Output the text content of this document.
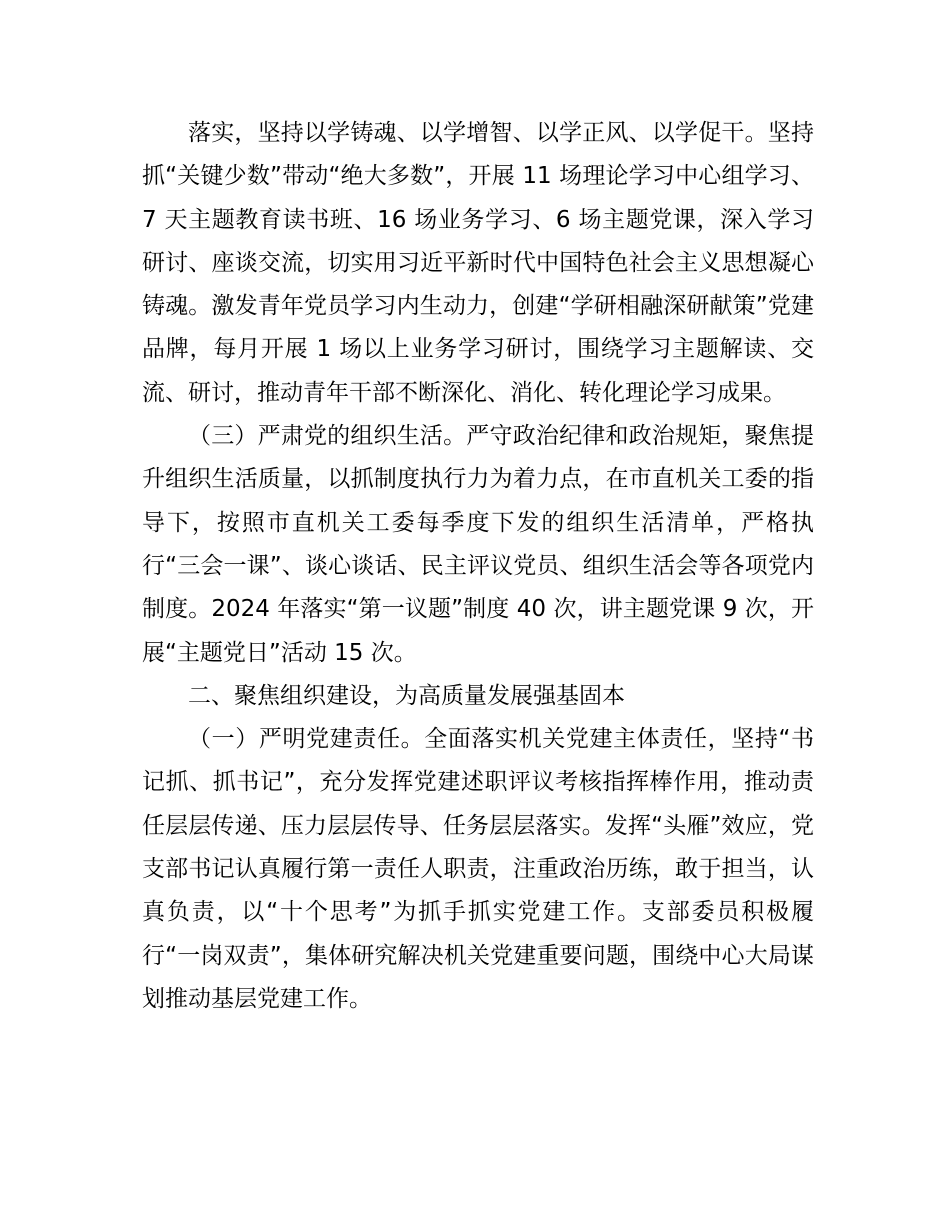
落实，坚持以学铸魂、以学增智、以学正风、以学促干。坚持抓“关键少数”带动“绝大多数”，开展 11 场理论学习中心组学习、7 天主题教育读书班、16 场业务学习、6 场主题党课，深入学习研讨、座谈交流，切实用习近平新时代中国特色社会主义思想凝心铸魂。激发青年党员学习内生动力，创建“学研相融深研献策”党建品牌，每月开展 1 场以上业务学习研讨，围绕学习主题解读、交流、研讨，推动青年干部不断深化、消化、转化理论学习成果。

（三）严肃党的组织生活。严守政治纪律和政治规矩，聚焦提升组织生活质量，以抓制度执行力为着力点，在市直机关工委的指导下，按照市直机关工委每季度下发的组织生活清单，严格执行“三会一课”、谈心谈话、民主评议党员、组织生活会等各项党内制度。2024 年落实“第一议题”制度 40 次，讲主题党课 9 次，开展“主题党日”活动 15 次。

二、聚焦组织建设，为高质量发展强基固本

（一）严明党建责任。全面落实机关党建主体责任，坚持“书记抓、抓书记”，充分发挥党建述职评议考核指挥棒作用，推动责任层层传递、压力层层传导、任务层层落实。发挥“头雁”效应，党支部书记认真履行第一责任人职责，注重政治历练，敢于担当，认真负责，以“十个思考”为抓手抓实党建工作。支部委员积极履行“一岗双责”，集体研究解决机关党建重要问题，围绕中心大局谋划推动基层党建工作。
